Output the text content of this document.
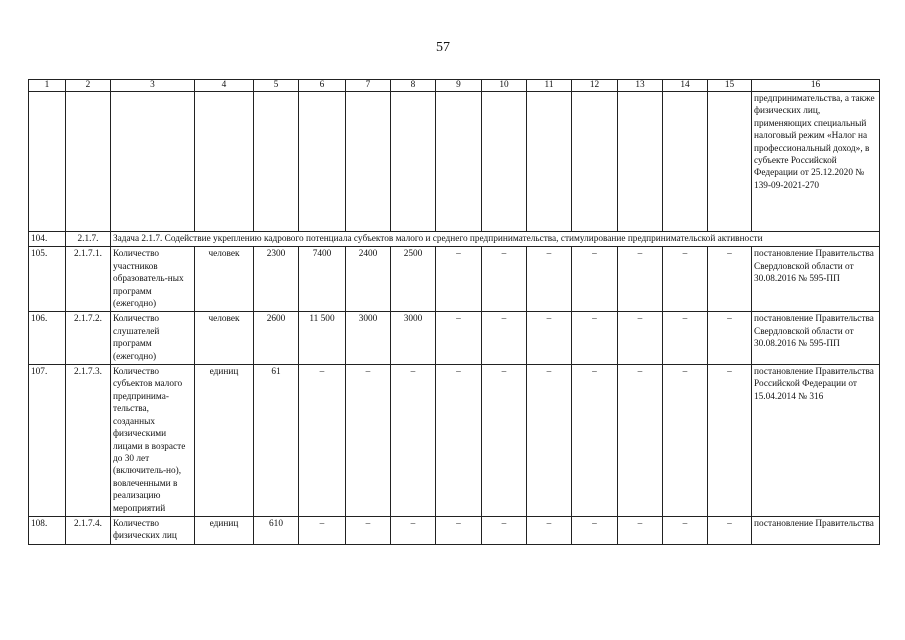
57
1	2	3	4	5	6	7	8	9	10	11	12	13	14	15	16
															предпринимательства, а также физических лиц, применяющих специальный налоговый режим «Налог на профессиональный доход», в субъекте Российской Федерации от 25.12.2020 № 139-09-2021-270
104.	2.1.7.	Задача 2.1.7. Содействие укреплению кадрового потенциала субъектов малого и среднего предпринимательства, стимулирование предпринимательской активности													
105.	2.1.7.1.	Количество участников образователь-ных программ (ежегодно)	человек	2300	7400	2400	2500	–	–	–	–	–	–	–	постановление Правительства Свердловской области от 30.08.2016 № 595-ПП
106.	2.1.7.2.	Количество слушателей программ (ежегодно)	человек	2600	11 500	3000	3000	–	–	–	–	–	–	–	постановление Правительства Свердловской области от 30.08.2016 № 595-ПП
107.	2.1.7.3.	Количество субъектов малого предпринима-тельства, созданных физическими лицами в возрасте до 30 лет (включитель-но), вовлеченными в реализацию мероприятий	единиц	61	–	–	–	–	–	–	–	–	–	–	постановление Правительства Российской Федерации от 15.04.2014 № 316
108.	2.1.7.4.	Количество физических лиц	единиц	610	–	–	–	–	–	–	–	–	–	–	постановление Правительства
